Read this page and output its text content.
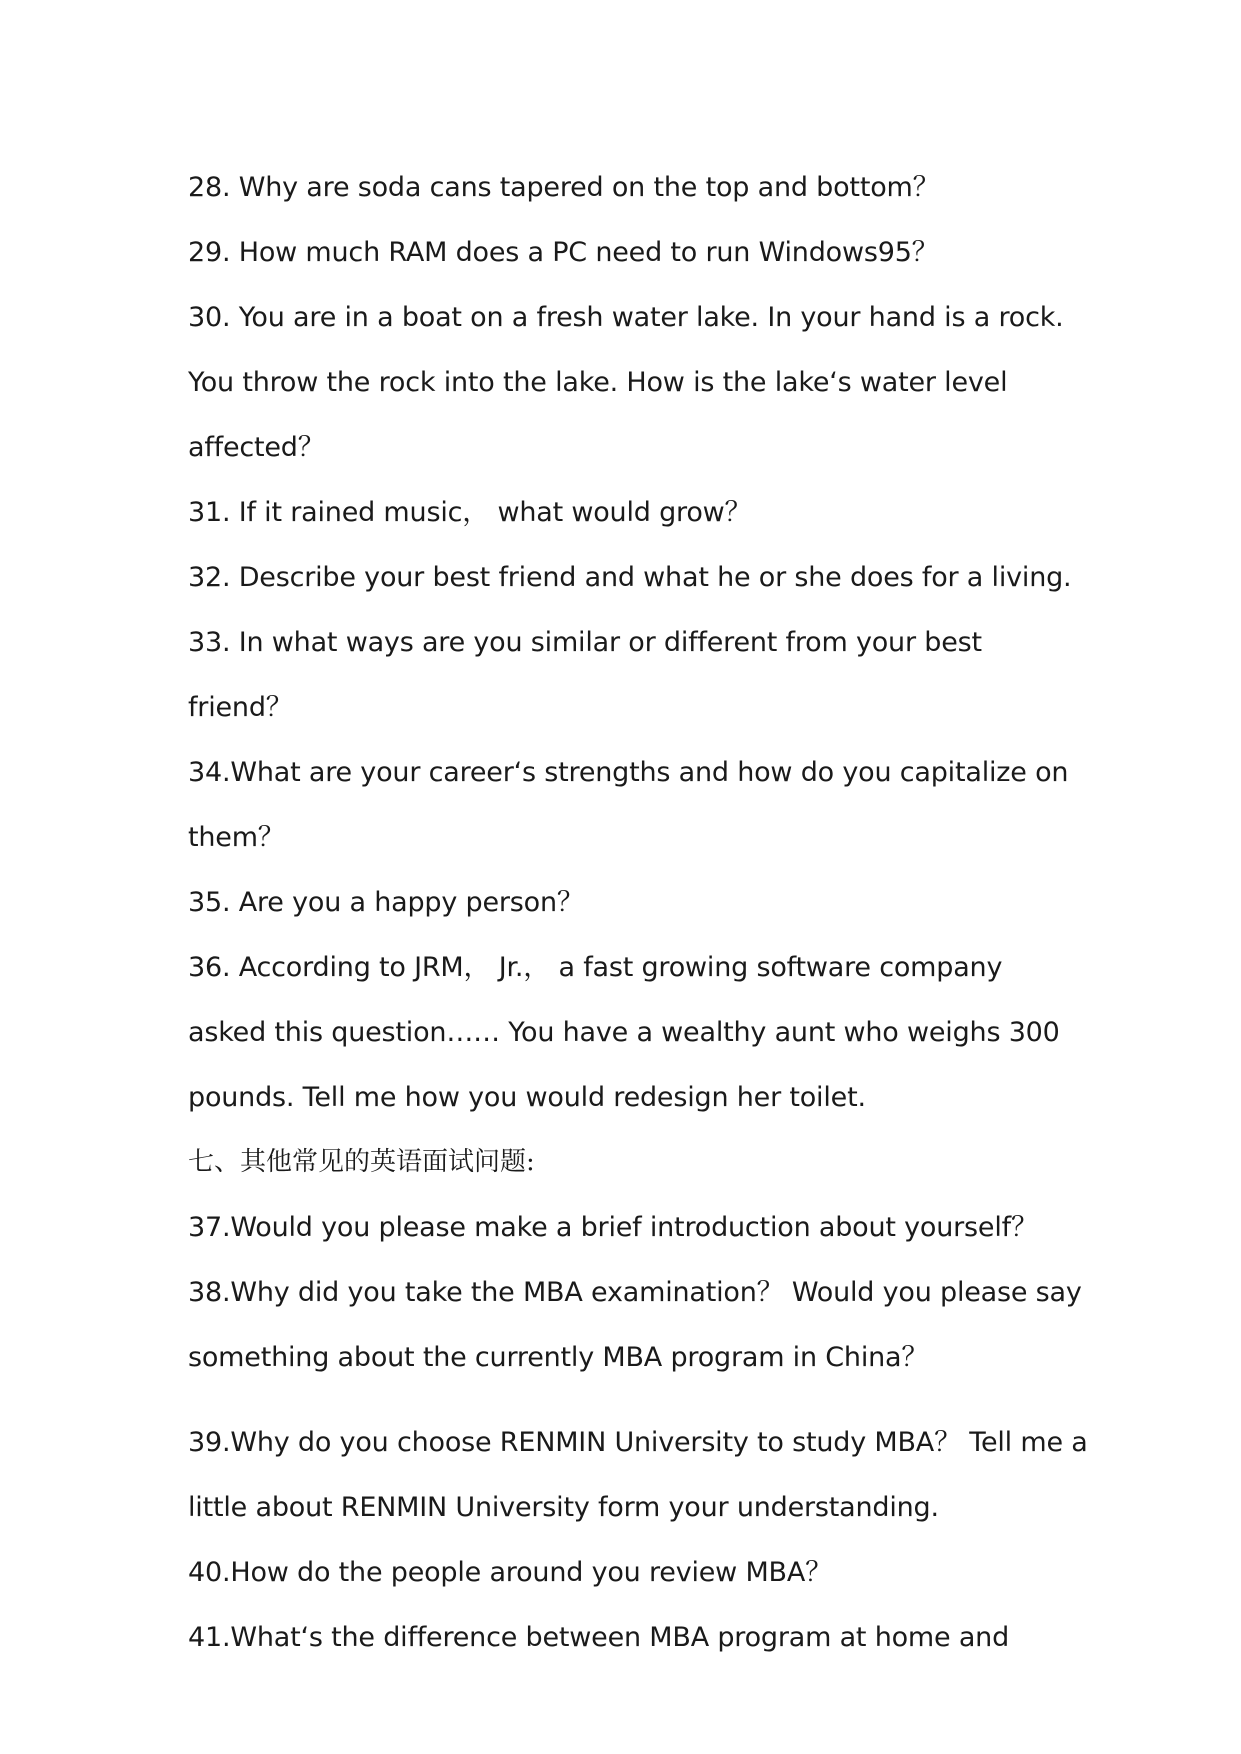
28. Why are soda cans tapered on the top and bottom？

29. How much RAM does a PC need to run Windows95？

30. You are in a boat on a fresh water lake. In your hand is a rock. You throw the rock into the lake. How is the lake‘s water level affected？

31. If it rained music， what would grow？

32. Describe your best friend and what he or she does for a living.

33. In what ways are you similar or different from your best friend？

34.What are your career‘s strengths and how do you capitalize on them？

35. Are you a happy person？

36. According to JRM， Jr.， a fast growing software company asked this question…… You have a wealthy aunt who weighs 300 pounds. Tell me how you would redesign her toilet.

七、其他常见的英语面试问题:

37.Would you please make a brief introduction about yourself？

38.Why did you take the MBA examination？ Would you please say something about the currently MBA program in China？

39.Why do you choose RENMIN University to study MBA？ Tell me a little about RENMIN University form your understanding.

40.How do the people around you review MBA？

41.What‘s the difference between MBA program at home and
